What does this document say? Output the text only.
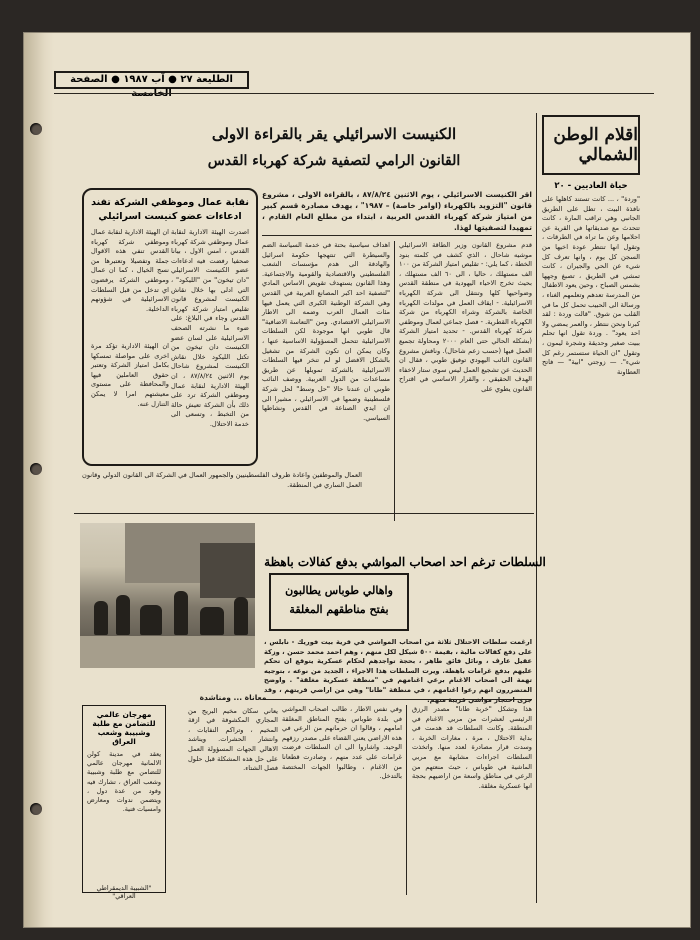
الطليعة ٢٧ ● آب ١٩٨٧ ● الصفحة
الكنيست الاسرائيلي يقر بالقراءة الاولى
القانون الرامي لتصفية شركة كهرباء القدس
اقلام الوطن الشمالي
حياة العاديين - ٢٠
"وردة" ، ... كانت تستند كاهلها على نافذة البيت ، تطل على الطريق الجانبي وهي تراقب المارة ، كانت تتحدث مع صديقاتها في القرية عن احلامها وعن ما تراه في الطرقات ، وتقول انها تنتظر عودة اخيها من السجن كل يوم ، وانها تعرف كل شيء عن الحي والجيران ، كانت تمشي في الطريق ، تصبغ وجهها بشمس الصباح ، وحين يعود الاطفال من المدرسة تعدهم وتعلمهم الغناء ، ورسالة الى الحبيب تحمل كل ما في القلب من شوق. "قالت وردة : لقد كبرنا ونحن ننتظر ، والعمر يمضي ولا احد يعود" . وردة تقول انها تحلم ببيت صغير وحديقة وشجرة ليمون ، وتقول "ان الحياة ستستمر رغم كل شيء". — زوجتي "ابية" — فاتح العطاونة
اقر الكنيست الاسرائيلي ، يوم الاثنين ٨٧/٨/٢٤ ، بالقراءة الاولى ، مشروع قانون "التزويد بالكهرباء (اوامر خاصة) – ١٩٨٧" ، بهدف مصادرة قسم كبير من امتياز شركة كهرباء القدس العربية ، ابتداء من مطلع العام القادم ، تمهيدا لتصفيتها لهذا.
قدم مشروع القانون وزير الطاقة الاسرائيلي موشيه شاحال ، الذي كشف في كلمته بنود الخطة ، كما يلي: - تقليص امتياز الشركة من ١٠٠ الف مستهلك ، حاليا ، الى ٦٠ الف مستهلك ، بحيث تخرج الاحياء اليهودية في منطقة القدس وضواحيها كلها وتنتقل الى شركة الكهرباء الاسرائيلية. - ايقاف العمل في مولدات الكهرباء الخاصة بالشركة وشراء الكهرباء من شركة الكهرباء القطرية. - فصل جماعي لعمال وموظفي شركة كهرباء القدس. - تحديد امتياز الشركة (بشكله الحالي حتى العام ٢٠٠٠ ومحاولة تجميع العمل فيها (حسب زعم شاحال). ونافش مشروع القانون النائب اليهودي توفيق طوبي ، فقال ان الحديث عن تشجيع العمل ليس سوى ستار لاخفاء الهدف الحقيقي ، والقرار الاساسي في اقتراح القانون يطوي على
اهداف سياسية بحتة في خدمة السياسة الضم والسيطرة التي تنتهجها حكومة اسرائيل والهادفة الى هدم مؤسسات الشعب الفلسطيني والاقتصادية والقومية والاجتماعية. وهذا القانون يستهدف تقويض الاساس المادي "لتصفية احد اكبر المصانع العربية في القدس وهي الشركة الوطنية الكبرى التي يعمل فيها مئات العمال العرب وضمه الى الاطار الاسرائيلي الاقتصادي. ومن "التعاسة الاضافية" قال طوبي انها موجودة لكن السلطات الاسرائيلية تتحمل المسؤولية الاساسية عنها ، وكان يمكن ان تكون الشركة من تشغيل بالشكل الافضل لو لم تنخر فيها السلطات الاسرائيلية بالشركة تمويلها عن طريق مساعدات من الدول العربية. ووصف النائب طوبي ان عندنا حالا "حل وسط" لحل شركة فلسطينية وضمها في الاسرائيلي ، مشيرا الى ان ايدي الصناعة في القدس ونشاطها السياسي.
نقابة عمال وموظفي الشركة تفند ادعاءات عضو كنيست اسرائيلي
اصدرت الهيئة الادارية لنقابة عمال وموظفي شركة كهرباء القدس ، امس الاول ، بيانا صحفيا رفضت فيه ادعاءات عضو الكنيست الاسرائيلي "دان تيخون" من "الليكود" ، التي ادلى بها خلال نقاش الكنيست لمشروع قانون تقليص امتياز شركة كهرباء القدس وجاء في البلاغ: على ضوء ما نشرته الصحف الاسرائيلية على لسان عضو الكنيست دان تيخون من تكتل الليكود خلال نقاش الكنيست لمشروع شاحال يوم الاثنين ٨٧/٨/٢٤ ، ان الهيئة الادارية لنقابة عمال وموظفي الشركة ترد على ذلك بأن الشركة تعيش حالة من التخبط ، وتسعى الى خدمة الاحتلال.
ان الهيئة الادارية لنقابة عمال وموظفي شركة كهرباء القدس تنفي هذه الاقوال جملة وتفصيلا وتعتبرها من نسج الخيال ، كما ان عمال وموظفي الشركة يرفضون اي تدخل من قبل السلطات الاسرائيلية في شؤونهم الداخلية.
ان الهيئة الادارية تؤكد مرة اخرى على مواصلة تمسكها بكامل امتياز الشركة وتعتبر حقوق العاملين فيها والمحافظة على مستوى معيشتهم امرا لا يمكن التنازل عنه.
العمال والموظفين واعادة ظروف الفلسطينيين والجمهور العمال في الشركة الى القانون الدولي وقانون العمل الساري في المنطقة.
السلطات ترغم احد اصحاب المواشي بدفع كفالات باهظة
واهالي طوباس يطالبون
بفتح مناطقهم المغلقة
ارغمت سلطات الاحتلال ثلاثة من اصحاب المواشي في قرية بيت فوريك - نابلس ، على دفع كفالات مالية ، بقيمة ٥٠٠ شيكل لكل منهم ، وهم احمد محمد حسن ، وزكة عقيل عارف ، ونائل فائق طاهر ، بحجة تواجدهم لحكام عسكرية يتوقع ان تحكم عليهم بدفع غرامات باهظة. ويرت السلطات هذا الاجراء ، الجديد من نوعه ، بتوجيه تهمة الى اصحاب الاغنام برعي اغنامهم في "منطقة عسكرية مغلقة" . واوضح المتضررون انهم رعوا اغنامهم ، في منطقة "طانا" وهي من اراضي قريتهم ، وقد
هذا وتشكل "خربة طانا" مصدر الرزق الرئيسي لعشرات من مربي الاغنام في المنطقة. وكانت السلطات قد هدمت في بداية الاحتلال ، مرة ، مغارات الخربة ، وسدت قرار مصادرة لعدد منها. واتخذت السلطات اجراءات مشابهة مع مربي الماشية في طوباس ، حيث منعتهم من الرعي في مناطق واسعة من اراضيهم بحجة انها عسكرية مغلقة.
وفي نفس الاطار ، طالب اصحاب المواشي في بلدة طوباس بفتح المناطق المغلقة امامهم ، وقالوا ان حرمانهم من الرعي في هذه الاراضي يعني القضاء على مصدر رزقهم الوحيد. واشاروا الى ان السلطات فرضت غرامات على عدد منهم ، وصادرت قطعانا من الاغنام ، وطالبوا الجهات المختصة بالتدخل.
معاناة ... ومناشدة
يعاني سكان مخيم البريج من المجاري المكشوفة في ازقة المخيم ، وتراكم النفايات ، وانتشار الحشرات. ويناشد الاهالي الجهات المسؤولة العمل على حل هذه المشكلة قبل حلول فصل الشتاء.
مهرجان عالمي للتضامن مع طلبة وشبيبة وشعب العراق
يعقد في مدينة كولن الالمانية مهرجان عالمي للتضامن مع طلبة وشبيبة وشعب العراق ، تشارك فيه وفود من عدة دول ، ويتضمن ندوات ومعارض وامسيات فنية.
"الشبيبة الديمقراطي العراقي"
